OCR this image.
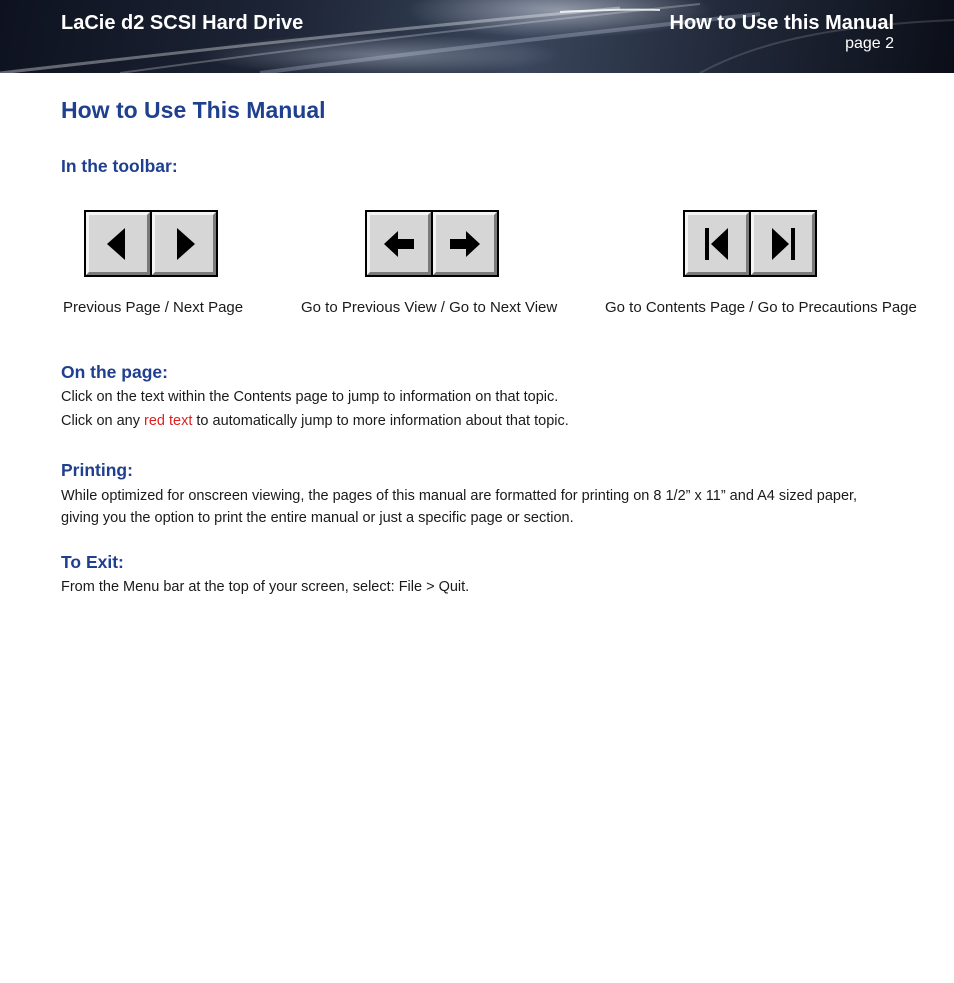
LaCie d2 SCSI Hard Drive	How to Use this Manual
page 2
How to Use This Manual
In the toolbar:
Previous Page / Next Page	Go to Previous View / Go to Next View	Go to Contents Page / Go to Precautions Page
On the page:
Click on the text within the Contents page to jump to information on that topic.
Click on any red text to automatically jump to more information about that topic.
Printing:
While optimized for onscreen viewing, the pages of this manual are formatted for printing on 8 1/2” x 11” and A4 sized paper, giving you the option to print the entire manual or just a specific page or section.
To Exit:
From the Menu bar at the top of your screen, select: File > Quit.
